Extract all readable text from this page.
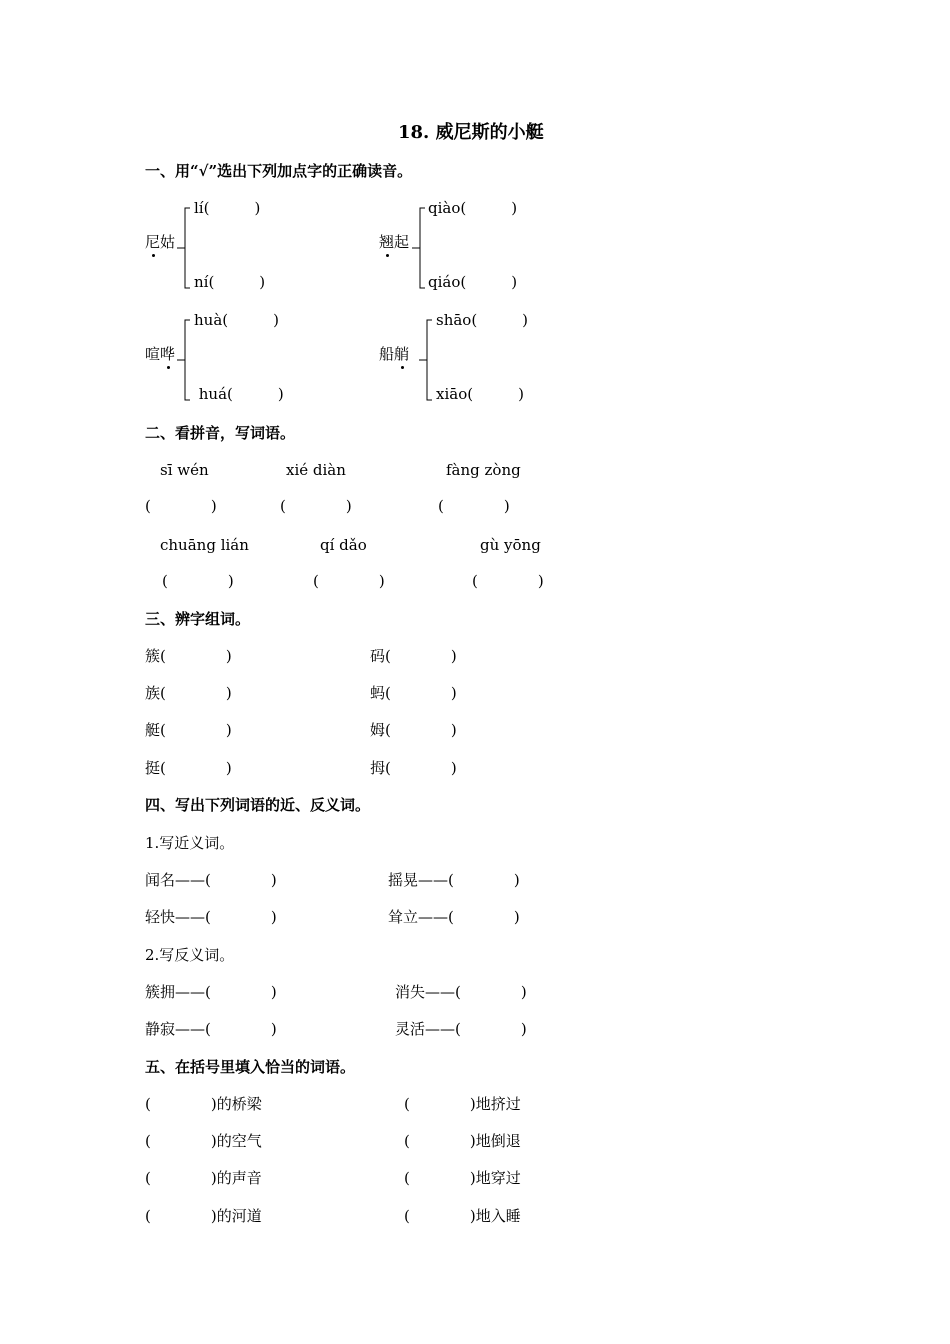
18. 威尼斯的小艇
一、用“√”选出下列加点字的正确读音。
尼姑
lí(　　　)
ní(　　　)
翘起
qiào(　　　)
qiáo(　　　)
喧哗
huà(　　　)
huá(　　　)
船艄
shāo(　　　)
xiāo(　　　)
二、看拼音，写词语。
sī wén	xié diàn	fàng zòng
(　　　　)	(　　　　)	(　　　　)
chuāng lián	qí dǎo	gù yōng
(　　　　)	(　　　　)	(　　　　)
三、辨字组词。
簇(　　　　)	码(　　　　)
族(　　　　)	蚂(　　　　)
艇(　　　　)	姆(　　　　)
挺(　　　　)	拇(　　　　)
四、写出下列词语的近、反义词。
1.写近义词。
闻名——(　　　　)	摇晃——(　　　　)
轻快——(　　　　)	耸立——(　　　　)
2.写反义词。
簇拥——(　　　　)	消失——(　　　　)
静寂——(　　　　)	灵活——(　　　　)
五、在括号里填入恰当的词语。
(　　　　)的桥梁	(　　　　)地挤过
(　　　　)的空气	(　　　　)地倒退
(　　　　)的声音	(　　　　)地穿过
(　　　　)的河道	(　　　　)地入睡
